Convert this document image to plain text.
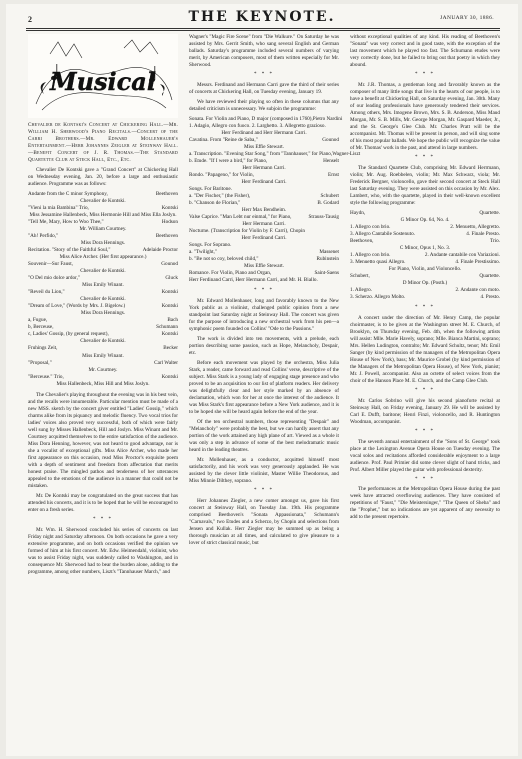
2	THE KEYNOTE.	JANUARY 30, 1886.
Musical

Chevalier de Kontski's Concert at Chickering Hall.—Mr. William H. Sherwood's Piano Recitals.—Concert of the Carri Brothers.—Mr. Edward Mollenhauer's Entertainment.—Herr Johannes Zeigler at Steinway Hall.—Benefit Concert of J. R. Thomas.—The Standard Quartette Club at Steck Hall, Etc., Etc.

Chevalier De Kontski gave a "Grand Concert" at Chickering Hall on Wednesday evening, Jan. 20, before a large and enthusiastic audience. Programme was as follows:

Andante from the C minor Symphony,	Beethoven
Chevalier de Kontski.
"Vieni la mia Bambina" Trio,	Kontski
Miss Jessamine Hallenbeck, Miss Hermonie Hill and Miss Ella Joslyn.
"Tell Me, Mary, How to Woo Thee,"	Hodson
Mr. William Courtney.
"Ah! Perfido,"	Beethoven
Miss Dora Hennings.
Recitation. "Story of the Faithful Soul,"	Adelaide Proctor
Miss Alice Archer. (Her first appearance.)
Souvenir—Sur Faust,	Gounod
Chevalier de Kontski.
"O Del mio dolce ardor,"	Gluck
Miss Emily Winant.
"Reveil du Lion,"	Kontski
Chevalier de Kontski.
"Dream of Love," (Words by Mrs. J. Bigelow.)	Kontski
Miss Dora Hennings.
a, Fugue,	Bach
b, Berceuse,	Schumann
c, Ladies' Gossip, (by general request),	Kontski
Chevalier de Kontski.
Fruhings Zeit,	Becker
Miss Emily Winant.
"Proposal,"	Carl Walter
Mr. Courtney.
"Berceuse." Trio,	Kontski
Miss Hallenbeck, Miss Hill and Miss Joslyn.

The Chevalier's playing throughout the evening was in his best vein, and the recalls were innumerable. Particular mention must be made of a new MSS. sketch by the concert giver entitled "Ladies' Gossip," which charms alike from its piquancy and melodic fluency. Two vocal trios for ladies' voices also proved very successful, both of which were fairly well sung by Misses Hallenbeck, Hill and Joslyn. Miss Winant and Mr. Courtney acquitted themselves to the entire satisfaction of the audience. Miss Dora Henning, however, was not heard to good advantage, nor is she a vocalist of exceptional gifts. Miss Alice Archer, who made her first appearance on this occasion, read Miss Proctor's exquisite poem with a depth of sentiment and freedom from affectation that merits honest praise. The mingled pathos and tenderness of her utterances appealed to the emotions of the audience in a manner that could not be mistaken.

Mr. De Kontski may be congratulated on the great success that has attended his concerts, and it is to be hoped that he will be encouraged to enter on a fresh series.

* * *

Mr. Wm. H. Sherwood concluded his series of concerts on last Friday night and Saturday afternoon. On both occasions he gave a very extensive programme, and on both occasions verified the opinion we formed of him at his first concert. Mr. Edw. Heimendahl, violinist, who was to assist Friday night, was suddenly called to Washington, and in consequence Mr. Sherwood had to bear the burden alone, adding to the programme, among other numbers, Liszt's "Tannhauser March," and

Wagner's "Magic Fire Scene" from "Die Walkure." On Saturday he was assisted by Mrs. Gerrit Smith, who sang several English and German ballads. Saturday's programme included several numbers of varying merit, by American composers, most of them written especially for Mr. Sherwood.

* * *

Messrs. Ferdinand and Hermann Carri gave the third of their series of concerts at Chickering Hall, on Tuesday evening, January 19.

We have reviewed their playing so often in these columns that any detailed criticism is unnecessary. We subjoin the programme:

Sonata. For Violin and Piano, D major (composed in 1760), Pietro Nardini
1. Adagio, Allegro con fuoco. 2. Larghetto. 3. Allegretto grazioso.
Herr Ferdinand and Herr Hermann Carri.
Cavatina. From "Reine de Saba,"	Gounod
Miss Effie Stewart.
a. Transcription. "Evening Star Song," from "Tannhauser," for Piano, Wagner-Liszt
b. Etude. "If I were a bird," for Piano,	Henselt
Herr Hermann Carri.
Rondo. "Papageno," for Violin,	Ernst
Herr Ferdinand Carri.
Songs. For Baritone.
a. "Der Fischer," (the Fisher),	Schubert
b. "Chanson de Florian,"	B. Godard
Herr Max Bendheim.
Valse Caprice. "Man Lebt nur einmal," for Piano,	Strauss-Tausig
Herr Hermann Carri.
Nocturne. (Transcription for Violin by F. Carri), Chopin
Herr Ferdinand Carri.
Songs. For Soprano.
a. "Twilight,"	Massenet
b. "Be not so coy, beloved child,"	Rubinstein
Miss Effie Stewart.
Romance. For Violin, Piano and Organ,	Saint-Saens
Herr Ferdinand Carri, Herr Hermann Carri, and Mr. H. Biallo.
* * *

Mr. Edward Mollenhauer, long and favorably known to the New York public as a violinist, challenged public opinion from a new standpoint last Saturday night at Steinway Hall. The concert was given for the purpose of introducing a new orchestral work from his pen—a symphonic poem founded on Collins' "Ode to the Passions."

The work is divided into ten movements, with a prelude, each portion describing some passion, such as Hope, Melancholy, Despair, etc.

Before each movement was played by the orchestra, Miss Julia Stark, a reader, came forward and read Collins' verse, descriptive of the subject. Miss Stark is a young lady of engaging stage presence and who proved to be an acquisition to our list of platform readers. Her delivery was delightfully clear and her style marked by an absence of declamation, which won for her at once the interest of the audience. It was Miss Stark's first appearance before a New York audience, and it is to be hoped she will be heard again before the end of the year.

Of the ten orchestral numbers, those representing "Despair" and "Melancholy" were probably the best, but we can hardly assert that any portion of the work attained any high plane of art. Viewed as a whole it was only a step in advance of some of the best melodramatic music heard in the leading theatres.

Mr. Mollenhauer, as a conductor, acquitted himself most satisfactorily, and his work was very generously applauded. He was assisted by the clever little violinist, Master Willie Theodorous, and Miss Minnie Dilthey, soprano.

* * *

Herr Johannes Ziegler, a new comer amongst us, gave his first concert at Steinway Hall, on Tuesday Jan. 19th. His programme comprised Beethoven's "Sonata Appassionata," Schumann's "Carnavals," two Etudes and a Scherzo, by Chopin and selections from Jensen and Kullak. Herr Ziegler may be summed up as being a thorough musician at all times, and calculated to give pleasure to a lover of strict classical music, but

without exceptional qualities of any kind. His reading of Beethoven's "Sonata" was very correct and in good taste, with the exception of the last movement which he played too fast. The Schumann etudes were very correctly done, but he failed to bring out that poetry in which they abound.

* * *

Mr. J.R. Thomas, a gentleman long and favorably known as the composer of many little songs that live in the hearts of our people, is to have a benefit at Chickering Hall, on Saturday evening, Jan. 30th. Many of our leading professionals have generously tendered their services. Among others, Mrs. Imogene Brown, Mrs. S. B. Anderson, Miss Maud Morgan, Mr. S. B. Mills, Mr. George Morgan, Mr. Gaspard Maeder, Jr., and the St. George's Glee Club. Mr. Charles Pratt will be the accompanist. Mr. Thomas will be present in person, and will sing some of his most popular ballads. We hope the public will recognize the value of Mr. Thomas' work in the past, and attend in large numbers.

* * *

The Standard Quartette Club, comprising Mr. Edward Herrmann, violin; Mr. Aug. Roebbelen, violin; Mr. Max Schwarz, viola; Mr. Frederick Bergner, violoncello, gave their second concert at Steck Hall last Saturday evening. They were assisted on this occasion by Mr. Alex. Lambert, who, with the quartette, played in their well-known excellent style the following programme:

Haydn,	Quartette.
G Minor Op. 64, No. 4.
1. Allegro con brio.	2. Menuetto, Allegretto.
3. Allegro Cantabile Sostenuto.	4. Finale Presto.
Beethoven,	Trio.
C Minor, Opus 1, No. 3.
1. Allegro con brio.	2. Andante cantabile con Variazioni.
3. Menuetto quasi Allegro.	4. Finale Prestissimo.
For Piano, Violin, and Violoncello.
Schubert,	Quartette.
D Minor Op. (Posth.)
1. Allegro.	2. Andante con moto.
3. Scherzo. Allegro Molto.	4. Presto.
* * *

A concert under the direction of Mr. Henry Camp, the popular choirmaster, is to be given at the Washington street M. E. Church, of Brooklyn, on Thursday evening, Feb. 4th, when the following artists will assist: Mlle. Marie Havely, soprano; Mlle. Bianca Martini, soprano; Mrs. Hellen Ludington, contralto; Mr. Edward Schultz, tenor; Mr. Emil Sanger (by kind permission of the managers of the Metropolitan Opera House of New York), bass; Mr. Maurice Grobel (by kind permission of the Managers of the Metropolitan Opera House), of New York, pianist; Mr. J. Powell, accompanist. Also an octette of select voices from the choir of the Hanson Place M. E. Church, and the Camp Glee Club.

* * *

Mr. Carlos Sobrino will give his second pianoforte recital at Steinway Hall, on Friday evening, January 29. He will be assisted by Carl E. Dufft, baritone; Henri Finzi, violoncello, and R. Huntington Woodman, accompanist.

* * *

The seventh annual entertainment of the "Sons of St. George" took place at the Lexington Avenue Opera House on Tuesday evening. The vocal solos and recitations afforded considerable enjoyment to a large audience. Prof. Paul Primier did some clever slight of hand tricks, and Prof. Albert Miller played the guitar with professional dexterity.

* * *

The performances at the Metropolitan Opera House during the past week have attracted overflowing audiences. They have consisted of repetitions of "Faust," "Die Meistersinger," "The Queen of Sheba" and the "Prophet," but no indications are yet apparent of any necessity to add to the present repertoire.
